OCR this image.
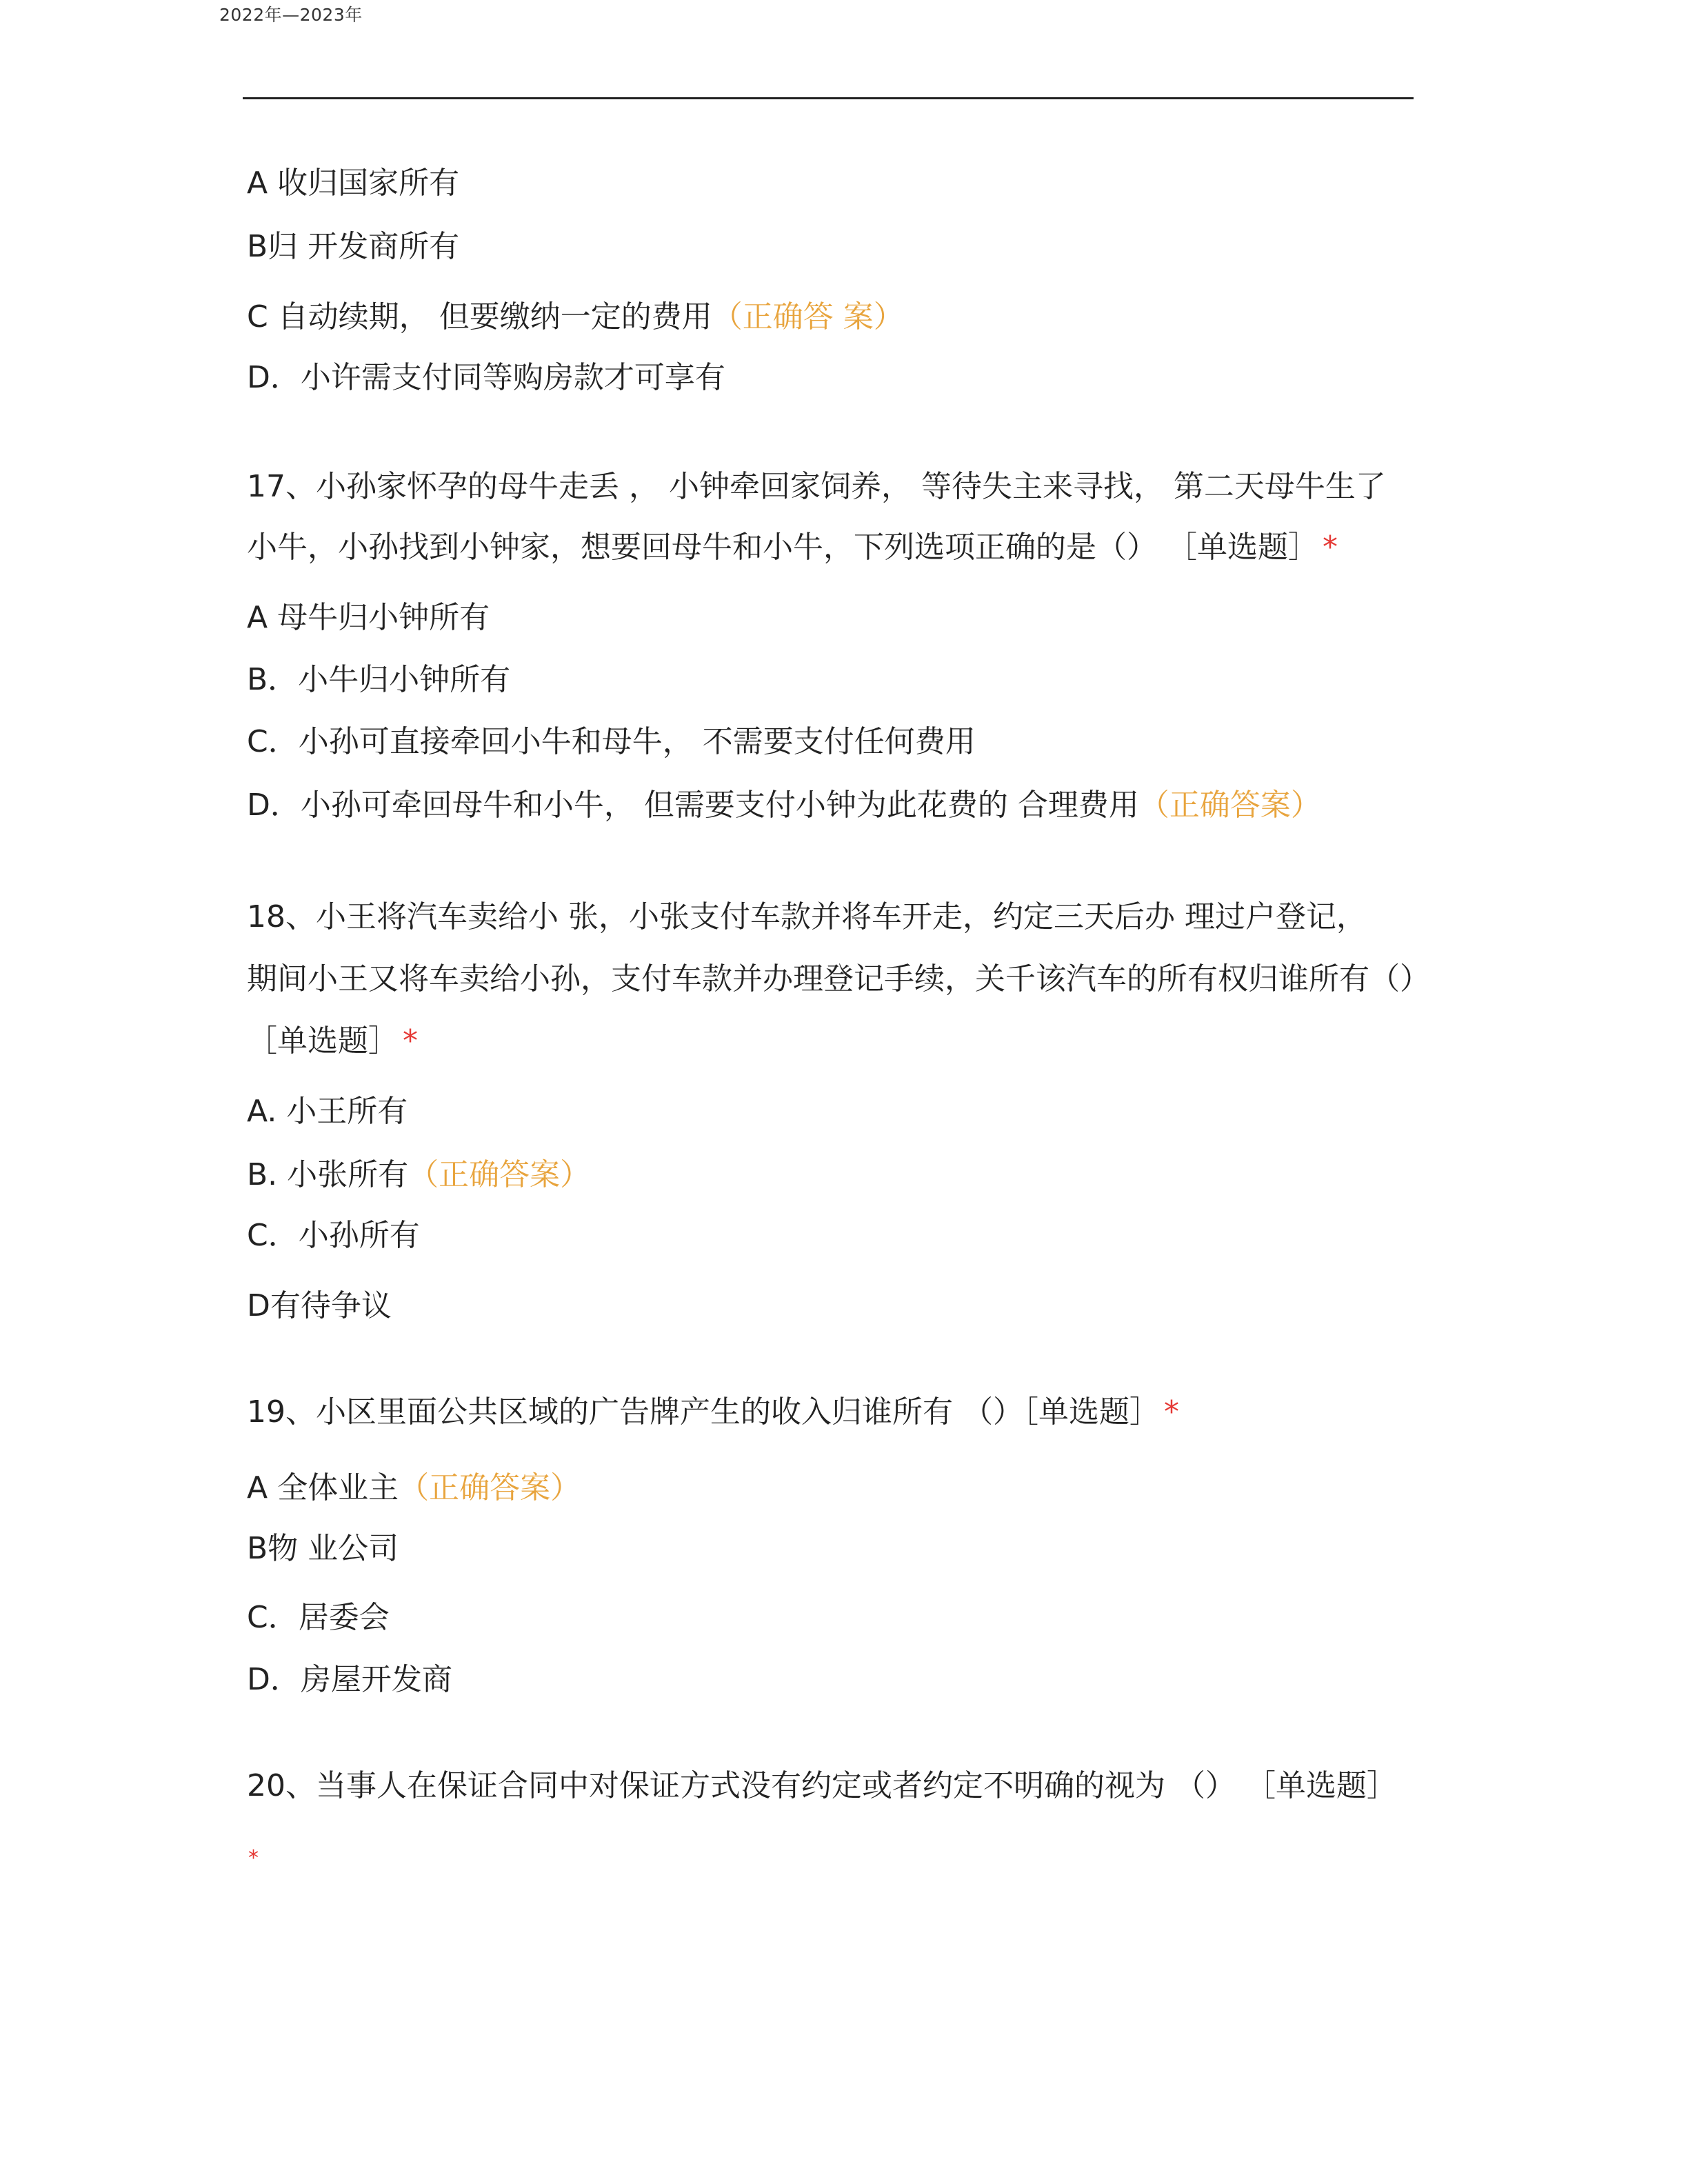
2022年—2023年
A 收归国家所有
B归 开发商所有
C 自动续期， 但要缴纳一定的费用（正确答 案）
D．小许需支付同等购房款才可享有
17、小孙家怀孕的母牛走丢 ， 小钟牵回家饲养， 等待失主来寻找， 第二天母牛生了
小牛，小孙找到小钟家，想要回母牛和小牛，下列选项正确的是（） ［单选题］ *
A 母牛归小钟所有
B．小牛归小钟所有
C．小孙可直接牵回小牛和母牛， 不需要支付任何费用
D．小孙可牵回母牛和小牛， 但需要支付小钟为此花费的 合理费用（正确答案）
18、小王将汽车卖给小 张，小张支付车款并将车开走，约定三天后办 理过户登记，
期间小王又将车卖给小孙，支付车款并办理登记手续，关千该汽车的所有权归谁所有（）
［单选题］ *
A. 小王所有
B. 小张所有（正确答案）
C．小孙所有
D有待争议
19、小区里面公共区域的广告牌产生的收入归谁所有 （）［单选题］ *
A 全体业主（正确答案）
B物 业公司
C．居委会
D．房屋开发商
20、当事人在保证合同中对保证方式没有约定或者约定不明确的视为 （） ［单选题］
*
